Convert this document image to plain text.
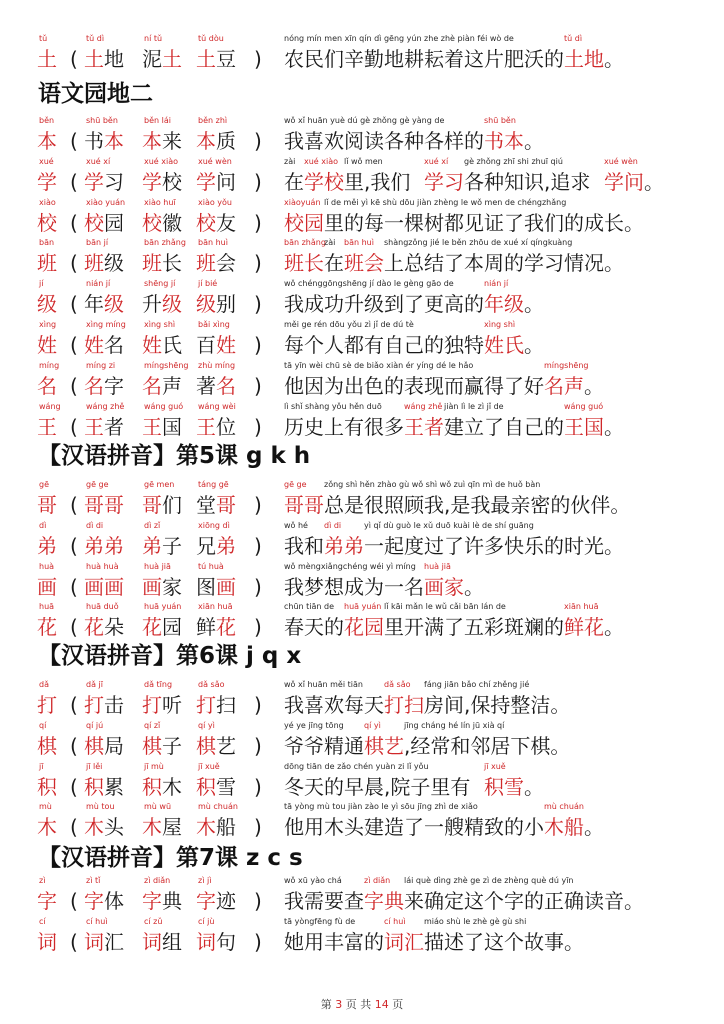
tǔ
土 (
tǔ dì
土地
ní tǔ
泥土
tǔ dòu
土豆 )
nóng mín men xīn qín dì gēng yún zhe zhè piàn féi wò de
农民们辛勤地耕耘着这片肥沃的
tǔ dì
土地 。
语文园地二
běn
本 (
shū běn
书本
běn lái
本来
běn zhì
本质 )
wǒ xǐ huān yuè dú gè zhǒng gè yàng de
我喜欢阅读各种各样的
shū běn
书本 。
xué
学 (
xué xí
学习
xué xiào
学校
xué wèn
学问 )
zài
在
xué xiào
学校
lǐ wǒ men
里,我们
xué xí
学习
gè zhǒng zhī shi zhuī qiú
各种知识,追求
xué wèn
学问 。
xiào
校 (
xiào yuán
校园
xiào huī
校徽
xiào yǒu
校友 )
xiàoyuán
校园
lǐ de měi yì kē shù dōu jiàn zhèng le wǒ men de chéngzhǎng
里的每一棵树都见证了我们的成长。
bān
班 (
bān jí
班级
bān zhǎng
班长
bān huì
班会 )
bān zhǎng
班长
zài
在
bān huì
班会
shàngzǒng jié le běn zhōu de xué xí qíngkuàng
上总结了本周的学习情况。
jí
级 (
nián jí
年级
shēng jí
升级
jí bié
级别 )
wǒ chénggōngshēng jí dào le gèng gāo de
我成功升级到了更高的
nián jí
年级 。
xìng
姓 (
xìng míng
姓名
xìng shì
姓氏
bǎi xìng
百姓 )
měi ge rén dōu yǒu zì jǐ de dú tè
每个人都有自己的独特
xìng shì
姓氏 。
míng
名 (
míng zi
名字
míngshēng
名声
zhù míng
著名 )
tā yīn wèi chū sè de biǎo xiàn ér yíng dé le hǎo
他因为出色的表现而赢得了好
míngshēng
名声 。
wáng
王 (
wáng zhě
王者
wáng guó
王国
wáng wèi
王位 )
lì shǐ shàng yǒu hěn duō
历史上有很多
wáng zhě
王者
jiàn lì le zì jǐ de
建立了自己的
wáng guó
王国 。
【汉语拼音】第5课 g k h
gē
哥 (
gē ge
哥哥
gē men
哥们
táng gē
堂哥 )
gē ge
哥哥
zǒng shì hěn zhào gù wǒ shì wǒ zuì qīn mì de huǒ bàn
总是很照顾我,是我最亲密的伙伴。
dì
弟 (
dì di
弟弟
dì zǐ
弟子
xiōng dì
兄弟 )
wǒ hé
我和
dì di
弟弟
yì qǐ dù guò le xǔ duō kuài lè de shí guāng
一起度过了许多快乐的时光。
huà
画 (
huà huà
画画
huà jiā
画家
tú huà
图画 )
wǒ mèngxiǎngchéng wéi yì míng
我梦想成为一名
huà jiā
画家 。
huā
花 (
huā duǒ
花朵
huā yuán
花园
xiān huā
鲜花 )
chūn tiān de
春天的
huā yuán
花园
lǐ kāi mǎn le wǔ cǎi bān lán de
里开满了五彩斑斓的
xiān huā
鲜花 。
【汉语拼音】第6课 j q x
dǎ
打 (
dǎ jī
打击
dǎ tīng
打听
dǎ sǎo
打扫 )
wǒ xǐ huān měi tiān
我喜欢每天
dǎ sǎo
打扫
fáng jiān bǎo chí zhěng jié
房间,保持整洁。
qí
棋 (
qí jú
棋局
qí zǐ
棋子
qí yì
棋艺 )
yé ye jīng tōng
爷爷精通
qí yì
棋艺
jīng cháng hé lín jū xià qí
,经常和邻居下棋。
jī
积 (
jī lěi
积累
jī mù
积木
jī xuě
积雪 )
dōng tiān de zǎo chén yuàn zi lǐ yǒu
冬天的早晨,院子里有
jī xuě
积雪 。
mù
木 (
mù tou
木头
mù wū
木屋
mù chuán
木船 )
tā yòng mù tou jiàn zào le yì sōu jīng zhì de xiǎo
他用木头建造了一艘精致的小
mù chuán
木船 。
【汉语拼音】第7课 z c s
zì
字 (
zì tǐ
字体
zì diǎn
字典
zì jì
字迹 )
wǒ xū yào chá
我需要查
zì diǎn
字典
lái què dìng zhè ge zì de zhèng què dú yīn
来确定这个字的正确读音。
cí
词 (
cí huì
词汇
cí zǔ
词组
cí jù
词句 )
tā yòngfēng fù de
她用丰富的
cí huì
词汇
miáo shù le zhè gè gù shi
描述了这个故事。
第 3 页 共 14 页
